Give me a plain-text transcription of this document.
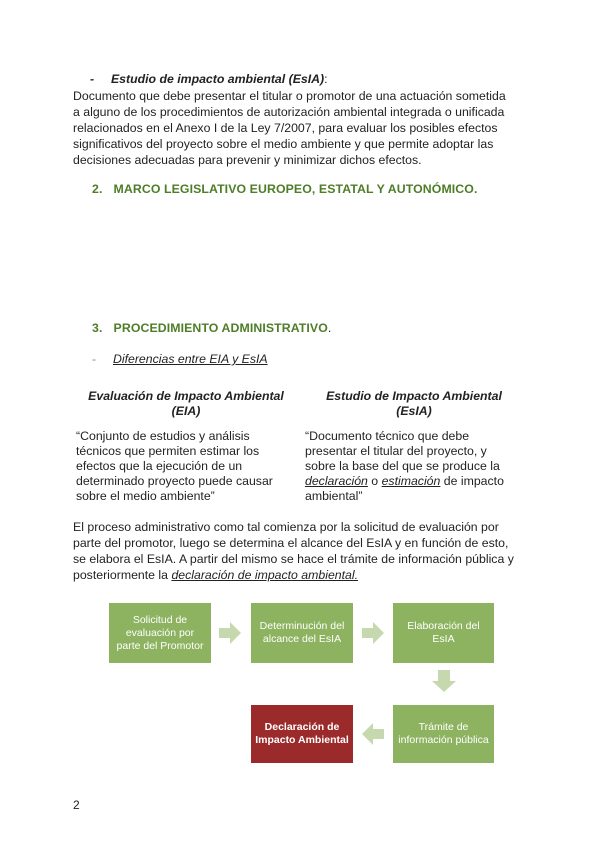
- Estudio de impacto ambiental (EsIA):
Documento que debe presentar el titular o promotor de una actuación sometida
a alguno de los procedimientos de autorización ambiental integrada o unificada
relacionados en el Anexo I de la Ley 7/2007, para evaluar los posibles efectos
significativos del proyecto sobre el medio ambiente y que permite adoptar las
decisiones adecuadas para prevenir y minimizar dichos efectos.
2. MARCO LEGISLATIVO EUROPEO, ESTATAL Y AUTONÓMICO.
3. PROCEDIMIENTO ADMINISTRATIVO.
- Diferencias entre EIA y EsIA
Evaluación de Impacto Ambiental
(EIA)
Estudio de Impacto Ambiental
(EsIA)
“Conjunto de estudios y análisis
técnicos que permiten estimar los
efectos que la ejecución de un
determinado proyecto puede causar
sobre el medio ambiente”
“Documento técnico que debe
presentar el titular del proyecto, y
sobre la base del que se produce la
declaración o estimación de impacto
ambiental”
El proceso administrativo como tal comienza por la solicitud de evaluación por
parte del promotor, luego se determina el alcance del EsIA y en función de esto,
se elabora el EsIA. A partir del mismo se hace el trámite de información pública y
posteriormente la declaración de impacto ambiental.
Solicitud de evaluación por parte del Promotor
Determinución del alcance del EsIA
Elaboración del EsIA
Trámite de información pública
Declaración de Impacto Ambiental
2
